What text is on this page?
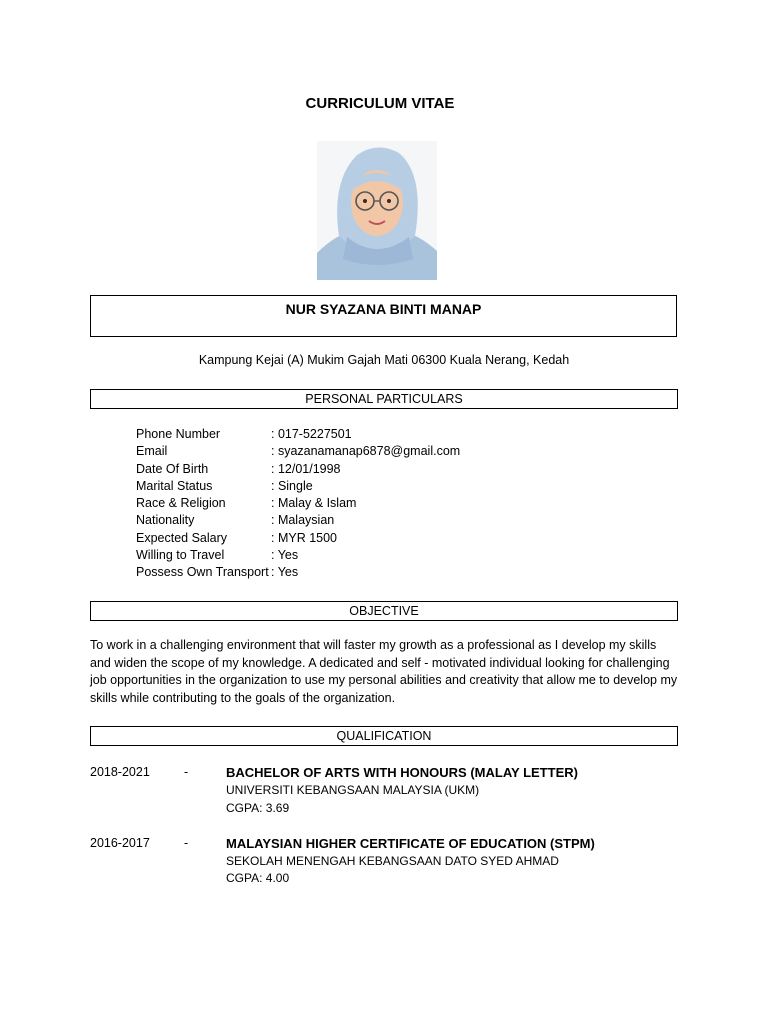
CURRICULUM VITAE
NUR SYAZANA BINTI MANAP
Kampung Kejai (A) Mukim Gajah Mati 06300 Kuala Nerang, Kedah
PERSONAL PARTICULARS
Phone Number	: 017-5227501
Email	: syazanamanap6878@gmail.com
Date Of Birth	: 12/01/1998
Marital Status	: Single
Race & Religion	: Malay & Islam
Nationality	: Malaysian
Expected Salary	: MYR 1500
Willing to Travel	: Yes
Possess Own Transport : Yes
OBJECTIVE
To work in a challenging environment that will faster my growth as a professional as I develop my skills and widen the scope of my knowledge. A dedicated and self - motivated individual looking for challenging job opportunities in the organization to use my personal abilities and creativity that allow me to develop my skills while contributing to the goals of the organization.
QUALIFICATION
2018-2021	-	BACHELOR OF ARTS WITH HONOURS (MALAY LETTER)
UNIVERSITI KEBANGSAAN MALAYSIA (UKM)
CGPA: 3.69
2016-2017	-	MALAYSIAN HIGHER CERTIFICATE OF EDUCATION (STPM)
SEKOLAH MENENGAH KEBANGSAAN DATO SYED AHMAD
CGPA: 4.00
